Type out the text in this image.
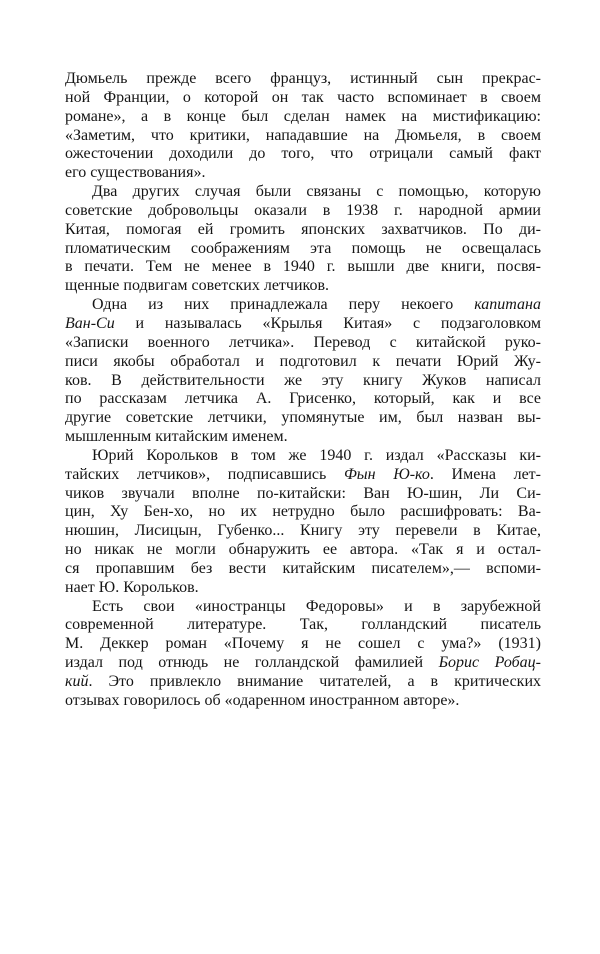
Дюмьель прежде всего француз, истинный сын прекрас-
ной Франции, о которой он так часто вспоминает в своем
романе», а в конце был сделан намек на мистификацию:
«Заметим, что критики, нападавшие на Дюмьеля, в своем
ожесточении доходили до того, что отрицали самый факт
его существования».
Два других случая были связаны с помощью, которую
советские добровольцы оказали в 1938 г. народной армии
Китая, помогая ей громить японских захватчиков. По ди-
пломатическим соображениям эта помощь не освещалась
в печати. Тем не менее в 1940 г. вышли две книги, посвя-
щенные подвигам советских летчиков.
Одна из них принадлежала перу некоего капитана
Ван-Си и называлась «Крылья Китая» с подзаголовком
«Записки военного летчика». Перевод с китайской руко-
писи якобы обработал и подготовил к печати Юрий Жу-
ков. В действительности же эту книгу Жуков написал
по рассказам летчика А. Грисенко, который, как и все
другие советские летчики, упомянутые им, был назван вы-
мышленным китайским именем.
Юрий Корольков в том же 1940 г. издал «Рассказы ки-
тайских летчиков», подписавшись Фын Ю-ко. Имена лет-
чиков звучали вполне по-китайски: Ван Ю-шин, Ли Си-
цин, Ху Бен-хо, но их нетрудно было расшифровать: Ва-
нюшин, Лисицын, Губенко... Книгу эту перевели в Китае,
но никак не могли обнаружить ее автора. «Так я и остал-
ся пропавшим без вести китайским писателем»,— вспоми-
нает Ю. Корольков.
Есть свои «иностранцы Федоровы» и в зарубежной
современной литературе. Так, голландский писатель
М. Деккер роман «Почему я не сошел с ума?» (1931)
издал под отнюдь не голландской фамилией Борис Робац-
кий. Это привлекло внимание читателей, а в критических
отзывах говорилось об «одаренном иностранном авторе».
